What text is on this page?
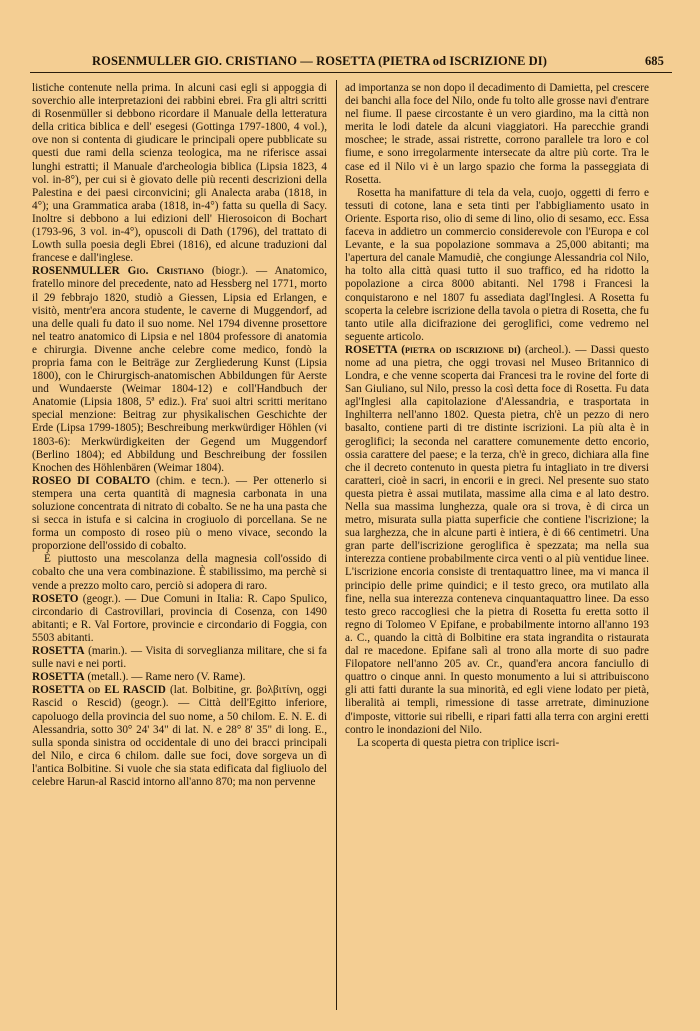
ROSENMULLER GIO. CRISTIANO — ROSETTA (PIETRA od ISCRIZIONE DI)	685

listiche contenute nella prima. In alcuni casi egli si appoggia di soverchio alle interpretazioni dei rabbini ebrei. Fra gli altri scritti di Rosenmüller si debbono ricordare il Manuale della letteratura della critica biblica e dell' esegesi (Gottinga 1797-1800, 4 vol.), ove non si contenta di giudicare le principali opere pubblicate su questi due rami della scienza teologica, ma ne riferisce assai lunghi estratti; il Manuale d'archeologia biblica (Lipsia 1823, 4 vol. in-8°), per cui si è giovato delle più recenti descrizioni della Palestina e dei paesi circonvicini; gli Analecta araba (1818, in 4°); una Grammatica araba (1818, in-4°) fatta su quella di Sacy. Inoltre si debbono a lui edizioni dell' Hierosoicon di Bochart (1793-96, 3 vol. in-4°), opuscoli di Dath (1796), del trattato di Lowth sulla poesia degli Ebrei (1816), ed alcune traduzioni dal francese e dall'inglese.

ROSENMULLER Gio. Cristiano (biogr.). — Anatomico, fratello minore del precedente, nato ad Hessberg nel 1771, morto il 29 febbrajo 1820, studiò a Giessen, Lipsia ed Erlangen, e visitò, mentr'era ancora studente, le caverne di Muggendorf, ad una delle quali fu dato il suo nome. Nel 1794 divenne prosettore nel teatro anatomico di Lipsia e nel 1804 professore di anatomia e chirurgia. Divenne anche celebre come medico, fondò la propria fama con le Beiträge zur Zergliederung Kunst (Lipsia 1800), con le Chirurgisch-anatomischen Abbildungen für Aerste und Wundaerste (Weimar 1804-12) e coll'Handbuch der Anatomie (Lipsia 1808, 5ª ediz.). Fra' suoi altri scritti meritano special menzione: Beitrag zur physikalischen Geschichte der Erde (Lipsa 1799-1805); Beschreibung merkwürdiger Höhlen (vi 1803-6): Merkwürdigkeiten der Gegend um Muggendorf (Berlino 1804); ed Abbildung und Beschreibung der fossilen Knochen des Höhlenbären (Weimar 1804).

ROSEO DI COBALTO (chim. e tecn.). — Per ottenerlo si stempera una certa quantità di magnesia carbonata in una soluzione concentrata di nitrato di cobalto. Se ne ha una pasta che si secca in istufa e si calcina in crogiuolo di porcellana. Se ne forma un composto di roseo più o meno vivace, secondo la proporzione dell'ossido di cobalto.

È piuttosto una mescolanza della magnesia coll'ossido di cobalto che una vera combinazione. È stabilissimo, ma perchè si vende a prezzo molto caro, perciò si adopera di raro.

ROSETO (geogr.). — Due Comuni in Italia: R. Capo Spulico, circondario di Castrovillari, provincia di Cosenza, con 1490 abitanti; e R. Val Fortore, provincie e circondario di Foggia, con 5503 abitanti.

ROSETTA (marin.). — Visita di sorveglianza militare, che si fa sulle navi e nei porti.

ROSETTA (metall.). — Rame nero (V. Rame).

ROSETTA od EL RASCID (lat. Bolbitine, gr. βολβιτίνη, oggi Rascid o Rescid) (geogr.). — Città dell'Egitto inferiore, capoluogo della provincia del suo nome, a 50 chilom. E. N. E. di Alessandria, sotto 30° 24' 34" di lat. N. e 28° 8' 35" di long. E., sulla sponda sinistra od occidentale di uno dei bracci principali del Nilo, e circa 6 chilom. dalle sue foci, dove sorgeva un dì l'antica Bolbitine. Si vuole che sia stata edificata dal figliuolo del celebre Harun-al Rascid intorno all'anno 870; ma non pervenne

ad importanza se non dopo il decadimento di Damietta, pel crescere dei banchi alla foce del Nilo, onde fu tolto alle grosse navi d'entrare nel fiume. Il paese circostante è un vero giardino, ma la città non merita le lodi datele da alcuni viaggiatori. Ha parecchie grandi moschee; le strade, assai ristrette, corrono parallele tra loro e col fiume, e sono irregolarmente intersecate da altre più corte. Tra le case ed il Nilo vi è un largo spazio che forma la passeggiata di Rosetta.

Rosetta ha manifatture di tela da vela, cuojo, oggetti di ferro e tessuti di cotone, lana e seta tinti per l'abbigliamento usato in Oriente. Esporta riso, olio di seme di lino, olio di sesamo, ecc. Essa faceva in addietro un commercio considerevole con l'Europa e col Levante, e la sua popolazione sommava a 25,000 abitanti; ma l'apertura del canale Mamudiè, che congiunge Alessandria col Nilo, ha tolto alla città quasi tutto il suo traffico, ed ha ridotto la popolazione a circa 8000 abitanti. Nel 1798 i Francesi la conquistarono e nel 1807 fu assediata dagl'Inglesi. A Rosetta fu scoperta la celebre iscrizione della tavola o pietra di Rosetta, che fu tanto utile alla dicifrazione dei geroglifici, come vedremo nel seguente articolo.

ROSETTA (pietra od iscrizione di) (archeol.). — Dassi questo nome ad una pietra, che oggi trovasi nel Museo Britannico di Londra, e che venne scoperta dai Francesi tra le rovine del forte di San Giuliano, sul Nilo, presso la così detta foce di Rosetta. Fu data agl'Inglesi alla capitolazione d'Alessandria, e trasportata in Inghilterra nell'anno 1802. Questa pietra, ch'è un pezzo di nero basalto, contiene parti di tre distinte iscrizioni. La più alta è in geroglifici; la seconda nel carattere comunemente detto encorio, ossia carattere del paese; e la terza, ch'è in greco, dichiara alla fine che il decreto contenuto in questa pietra fu intagliato in tre diversi caratteri, cioè in sacri, in encorii e in greci. Nel presente suo stato questa pietra è assai mutilata, massime alla cima e al lato destro. Nella sua massima lunghezza, quale ora si trova, è di circa un metro, misurata sulla piatta superficie che contiene l'iscrizione; la sua larghezza, che in alcune parti è intiera, è di 66 centimetri. Una gran parte dell'iscrizione geroglifica è spezzata; ma nella sua interezza contiene probabilmente circa venti o al più ventidue linee. L'iscrizione encoria consiste di trentaquattro linee, ma vi manca il principio delle prime quindici; e il testo greco, ora mutilato alla fine, nella sua interezza conteneva cinquantaquattro linee. Da esso testo greco raccogliesi che la pietra di Rosetta fu eretta sotto il regno di Tolomeo V Epifane, e probabilmente intorno all'anno 193 a. C., quando la città di Bolbitine era stata ingrandita o ristaurata dal re macedone. Epifane salì al trono alla morte di suo padre Filopatore nell'anno 205 av. Cr., quand'era ancora fanciullo di quattro o cinque anni. In questo monumento a lui si attribuiscono gli atti fatti durante la sua minorità, ed egli viene lodato per pietà, liberalità ai templi, rimessione di tasse arretrate, diminuzione d'imposte, vittorie sui ribelli, e ripari fatti alla terra con argini eretti contro le inondazioni del Nilo.

La scoperta di questa pietra con triplice iscri-
